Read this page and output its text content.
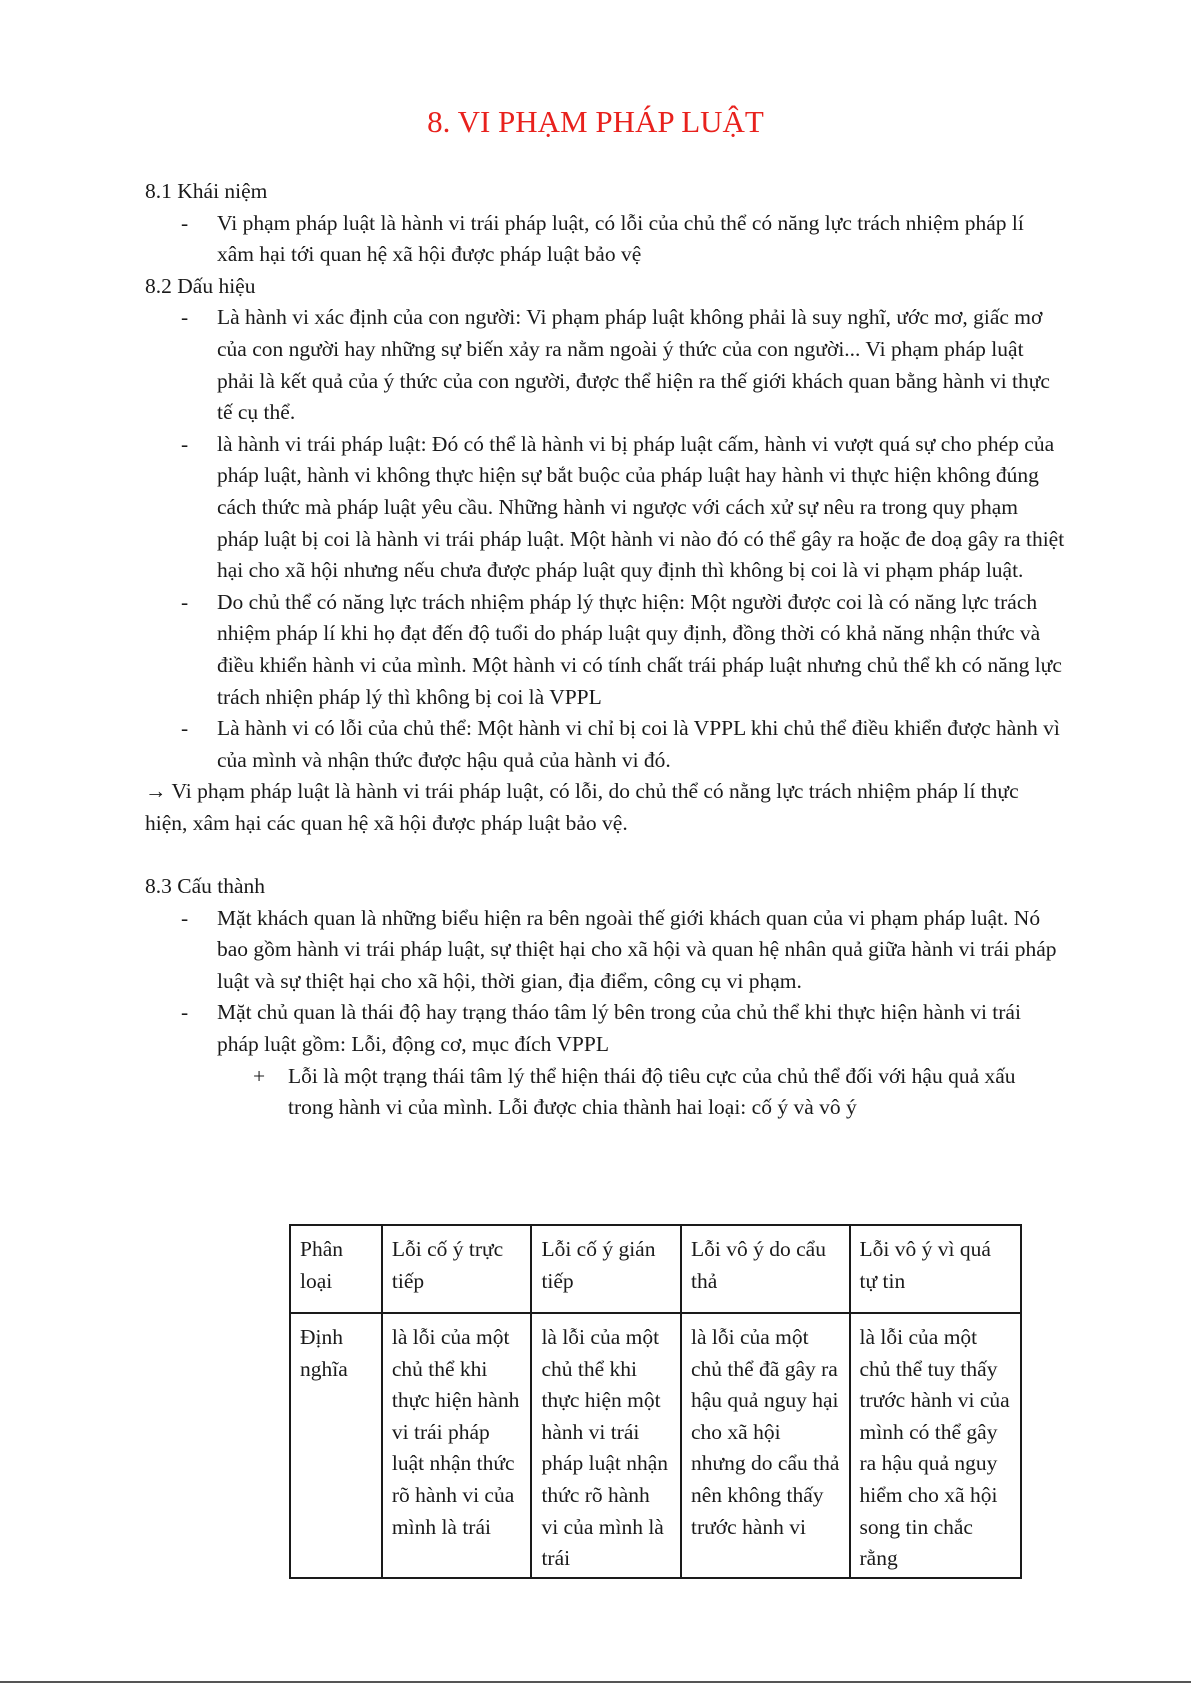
8. VI PHẠM PHÁP LUẬT

8.1 Khái niệm

- Vi phạm pháp luật là hành vi trái pháp luật, có lỗi của chủ thể có năng lực trách nhiệm pháp lí xâm hại tới quan hệ xã hội được pháp luật bảo vệ

8.2 Dấu hiệu

- Là hành vi xác định của con người: Vi phạm pháp luật không phải là suy nghĩ, ước mơ, giấc mơ của con người hay những sự biến xảy ra nằm ngoài ý thức của con người... Vi phạm pháp luật phải là kết quả của ý thức của con người, được thể hiện ra thế giới khách quan bằng hành vi thực tế cụ thể.
- là hành vi trái pháp luật: Đó có thể là hành vi bị pháp luật cấm, hành vi vượt quá sự cho phép của pháp luật, hành vi không thực hiện sự bắt buộc của pháp luật hay hành vi thực hiện không đúng cách thức mà pháp luật yêu cầu. Những hành vi ngược với cách xử sự nêu ra trong quy phạm pháp luật bị coi là hành vi trái pháp luật. Một hành vi nào đó có thể gây ra hoặc đe doạ gây ra thiệt hại cho xã hội nhưng nếu chưa được pháp luật quy định thì không bị coi là vi phạm pháp luật.
- Do chủ thể có năng lực trách nhiệm pháp lý thực hiện: Một người được coi là có năng lực trách nhiệm pháp lí khi họ đạt đến độ tuổi do pháp luật quy định, đồng thời có khả năng nhận thức và điều khiển hành vi của mình. Một hành vi có tính chất trái pháp luật nhưng chủ thể kh có năng lực trách nhiện pháp lý thì không bị coi là VPPL
- Là hành vi có lỗi của chủ thể: Một hành vi chỉ bị coi là VPPL khi chủ thể điều khiển được hành vì của mình và nhận thức được hậu quả của hành vi đó.

→ Vi phạm pháp luật là hành vi trái pháp luật, có lỗi, do chủ thể có nằng lực trách nhiệm pháp lí thực hiện, xâm hại các quan hệ xã hội được pháp luật bảo vệ.

8.3 Cấu thành

- Mặt khách quan là những biểu hiện ra bên ngoài thế giới khách quan của vi phạm pháp luật. Nó bao gồm hành vi trái pháp luật, sự thiệt hại cho xã hội và quan hệ nhân quả giữa hành vi trái pháp luật và sự thiệt hại cho xã hội, thời gian, địa điểm, công cụ vi phạm.
- Mặt chủ quan là thái độ hay trạng tháo tâm lý bên trong của chủ thể khi thực hiện hành vi trái pháp luật gồm: Lỗi, động cơ, mục đích VPPL
+ Lỗi là một trạng thái tâm lý thể hiện thái độ tiêu cực của chủ thể đối với hậu quả xấu trong hành vi của mình. Lỗi được chia thành hai loại: cố ý và vô ý
Phân loại	Lỗi cố ý trực tiếp	Lỗi cố ý gián tiếp	Lỗi vô ý do cẩu thả	Lỗi vô ý vì quá tự tin
Định nghĩa	là lỗi của một chủ thể khi thực hiện hành vi trái pháp luật nhận thức rõ hành vi của mình là trái	là lỗi của một chủ thể khi thực hiện một hành vi trái pháp luật nhận thức rõ hành vi của mình là trái	là lỗi của một chủ thể đã gây ra hậu quả nguy hại cho xã hội nhưng do cẩu thả nên không thấy trước hành vi	là lỗi của một chủ thể tuy thấy trước hành vi của mình có thể gây ra hậu quả nguy hiểm cho xã hội song tin chắc rằng
